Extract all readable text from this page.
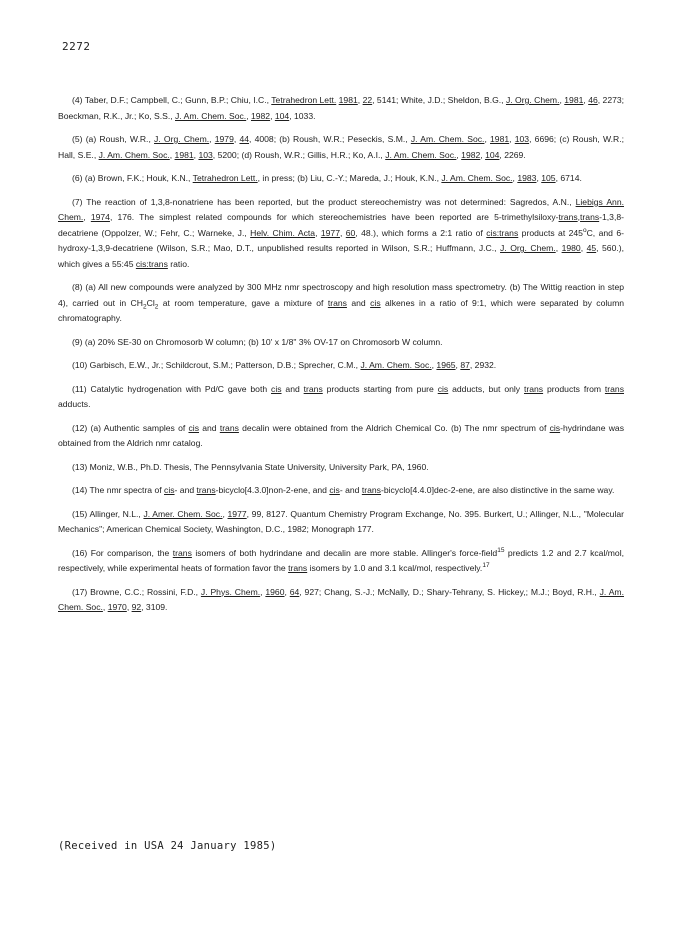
2272

(4) Taber, D.F.; Campbell, C.; Gunn, B.P.; Chiu, I.C., Tetrahedron Lett. 1981, 22, 5141; White, J.D.; Sheldon, B.G., J. Org. Chem., 1981, 46, 2273; Boeckman, R.K., Jr.; Ko, S.S., J. Am. Chem. Soc., 1982, 104, 1033.

(5) (a) Roush, W.R., J. Org. Chem., 1979, 44, 4008; (b) Roush, W.R.; Peseckis, S.M., J. Am. Chem. Soc., 1981, 103, 6696; (c) Roush, W.R.; Hall, S.E., J. Am. Chem. Soc., 1981, 103, 5200; (d) Roush, W.R.; Gillis, H.R.; Ko, A.I., J. Am. Chem. Soc., 1982, 104, 2269.

(6) (a) Brown, F.K.; Houk, K.N., Tetrahedron Lett., in press; (b) Liu, C.-Y.; Mareda, J.; Houk, K.N., J. Am. Chem. Soc., 1983, 105, 6714.

(7) The reaction of 1,3,8-nonatriene has been reported, but the product stereochemistry was not determined: Sagredos, A.N., Liebigs Ann. Chem., 1974, 176. The simplest related compounds for which stereochemistries have been reported are 5-trimethylsiloxy-trans,trans-1,3,8-decatriene (Oppolzer, W.; Fehr, C.; Warneke, J., Helv. Chim. Acta, 1977, 60, 48.), which forms a 2:1 ratio of cis:trans products at 245$^o$C, and 6-hydroxy-1,3,9-decatriene (Wilson, S.R.; Mao, D.T., unpublished results reported in Wilson, S.R.; Huffmann, J.C., J. Org. Chem., 1980, 45, 560.), which gives a 55:45 cis:trans ratio.

(8) (a) All new compounds were analyzed by 300 MHz nmr spectroscopy and high resolution mass spectrometry. (b) The Wittig reaction in step 4), carried out in $CH_2Cl_2$ at room temperature, gave a mixture of trans and cis alkenes in a ratio of 9:1, which were separated by column chromatography.

(9) (a) 20% SE-30 on Chromosorb W column; (b) 10' x 1/8" 3% OV-17 on Chromosorb W column.

(10) Garbisch, E.W., Jr.; Schildcrout, S.M.; Patterson, D.B.; Sprecher, C.M., J. Am. Chem. Soc., 1965, 87, 2932.

(11) Catalytic hydrogenation with Pd/C gave both cis and trans products starting from pure cis adducts, but only trans products from trans adducts.

(12) (a) Authentic samples of cis and trans decalin were obtained from the Aldrich Chemical Co. (b) The nmr spectrum of cis-hydrindane was obtained from the Aldrich nmr catalog.

(13) Moniz, W.B., Ph.D. Thesis, The Pennsylvania State University, University Park, PA, 1960.

(14) The nmr spectra of cis- and trans-bicyclo[4.3.0]non-2-ene, and cis- and trans-bicyclo[4.4.0]dec-2-ene, are also distinctive in the same way.

(15) Allinger, N.L., J. Amer. Chem. Soc., 1977, 99, 8127. Quantum Chemistry Program Exchange, No. 395. Burkert, U.; Allinger, N.L., "Molecular Mechanics"; American Chemical Society, Washington, D.C., 1982; Monograph 177.

(16) For comparison, the trans isomers of both hydrindane and decalin are more stable. Allinger's force-field$^{15}$ predicts 1.2 and 2.7 kcal/mol, respectively, while experimental heats of formation favor the trans isomers by 1.0 and 3.1 kcal/mol, respectively.$^{17}$

(17) Browne, C.C.; Rossini, F.D., J. Phys. Chem., 1960, 64, 927; Chang, S.-J.; McNally, D.; Shary-Tehrany, S. Hickey,; M.J.; Boyd, R.H., J. Am. Chem. Soc., 1970, 92, 3109.

(Received in USA 24 January 1985)
